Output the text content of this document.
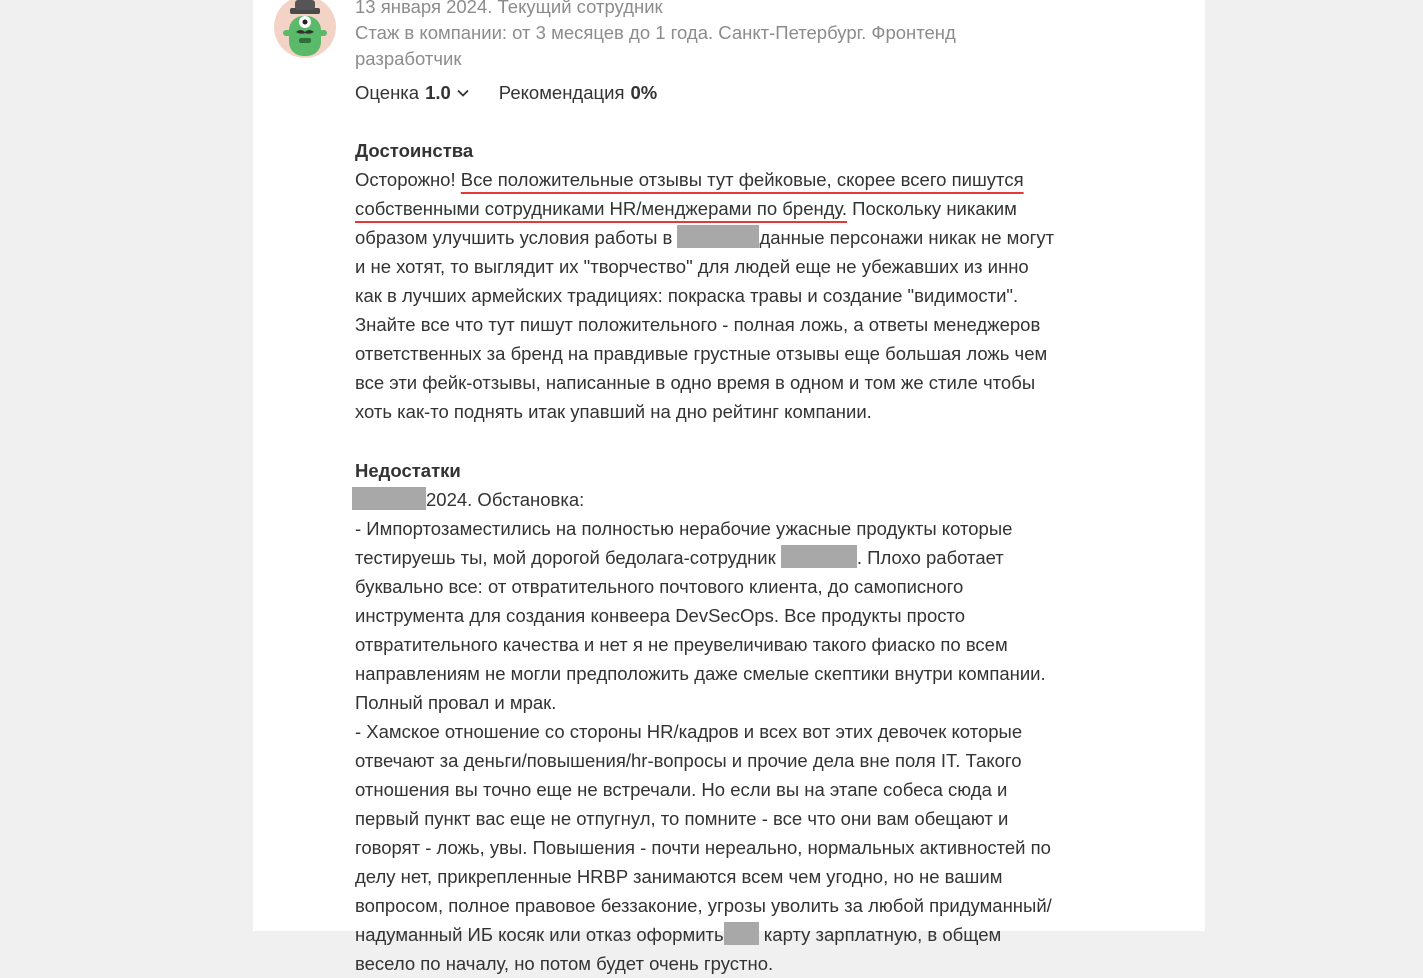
13 января 2024. Текущий сотрудник
Стаж в компании: от 3 месяцев до 1 года. Санкт-Петербург. Фронтенд
разработчик
Оценка 1.0	Рекомендация 0%
Достоинства

Осторожно! Все положительные отзывы тут фейковые, скорее всего пишутся собственными сотрудниками HR/менджерами по бренду. Поскольку никаким образом улучшить условия работы в	данные персонажи никак не могут и не хотят, то выглядит их "творчество" для людей еще не убежавших из инно как в лучших армейских традициях: покраска травы и создание "видимости". Знайте все что тут пишут положительного - полная ложь, а ответы менеджеров ответственных за бренд на правдивые грустные отзывы еще большая ложь чем все эти фейк-отзывы, написанные в одно время в одном и том же стиле чтобы хоть как-то поднять итак упавший на дно рейтинг компании.

Недостатки

2024. Обстановка:

- Импортозаместились на полностью нерабочие ужасные продукты которые тестируешь ты, мой дорогой бедолага-сотрудник	. Плохо работает буквально все: от отвратительного почтового клиента, до самописного инструмента для создания конвеера DevSecOps. Все продукты просто отвратительного качества и нет я не преувеличиваю такого фиаско по всем направлениям не могли предположить даже смелые скептики внутри компании. Полный провал и мрак.

- Хамское отношение со стороны HR/кадров и всех вот этих девочек которые отвечают за деньги/повышения/hr-вопросы и прочие дела вне поля IT. Такого отношения вы точно еще не встречали. Но если вы на этапе собеса сюда и первый пункт вас еще не отпугнул, то помните - все что они вам обещают и говорят - ложь, увы. Повышения - почти нереально, нормальных активностей по делу нет, прикрепленные HRBP занимаются всем чем угодно, но не вашим вопросом, полное правовое беззаконие, угрозы уволить за любой придуманный/надуманный ИБ косяк или отказ оформить карту зарплатную, в общем весело по началу, но потом будет очень грустно.
